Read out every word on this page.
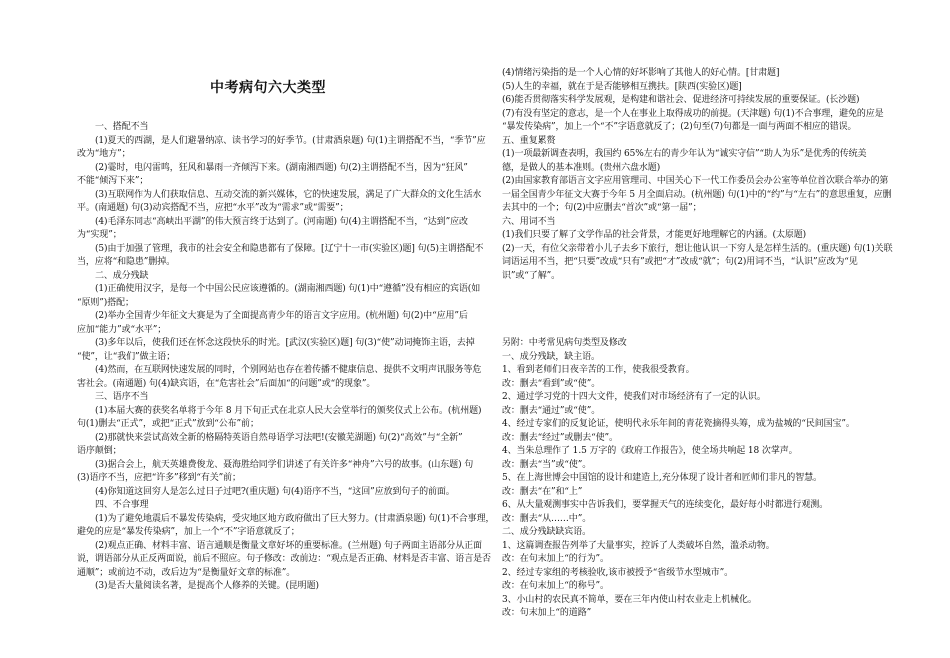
中考病句六大类型

一、搭配不当

(1)夏天的西湖，是人们避暑纳凉、读书学习的好季节。(甘肃酒泉题) 句(1)主谓搭配不当，“季节”应

改为“地方”；

(2)霎时，电闪雷鸣，狂风和暴雨一齐倾泻下来。(湖南湘西题) 句(2)主谓搭配不当，因为“狂风”

不能“倾泻下来”；

(3)互联网作为人们获取信息、互动交流的新兴媒体，它的快速发展，满足了广大群众的文化生活水

平。(南通题) 句(3)动宾搭配不当，应把“水平”改为“需求”或“需要”；

(4)毛泽东同志“高峡出平湖”的伟大预言终于达到了。(河南题) 句(4)主谓搭配不当，“达到”应改

为“实现”；

(5)由于加强了管理，我市的社会安全和隐患都有了保障。[辽宁十一市(实验区)题] 句(5)主谓搭配不

当，应将“和隐患”删掉。

二、成分残缺

(1)正确使用汉字，是每一个中国公民应该遵循的。(湖南湘西题) 句(1)中“遵循”没有相应的宾语(如

“原则”)搭配；

(2)举办全国青少年征文大赛是为了全面提高青少年的语言文字应用。(杭州题) 句(2)中“应用”后

应加“能力”或“水平”；

(3)多年以后，使我们还在怀念这段快乐的时光。[武汉(实验区)题] 句(3)“使”动词掩饰主语，去掉

“使”，让“我们”做主语；

(4)然而，在互联网快速发展的同时，个别网站也存在着传播不健康信息、提供不文明声讯服务等危

害社会。(南通题) 句(4)缺宾语，在“危害社会”后面加“的问题”或“的现象”。

三、语序不当

(1)本届大赛的获奖名单将于今年 8 月下旬正式在北京人民大会堂举行的颁奖仪式上公布。(杭州题)

句(1)删去“正式”，或把“正式”放到“公布”前；

(2)那就快来尝试高效全新的格隔特英语自然母语学习法吧!(安徽芜湖题) 句(2)“高效”与“全新”

语序颠倒；

(3)据合会上，航天英雄费俊龙、聂海胜给同学们讲述了有关许多“神舟”六号的故事。(山东题) 句

(3)语序不当，应把“许多”移到“有关”前；

(4)你知道这回穷人是怎么过日子过吧?(重庆题) 句(4)语序不当，“这回”应放到句子的前面。

四、不合事理

(1)为了避免地震后不暴发传染病，受灾地区地方政府做出了巨大努力。(甘肃酒泉题) 句(1)不合事理，

避免的应是“暴发传染病”，加上一个“不”字语意就反了；

(2)观点正确、材料丰富、语言通顺是衡量文章好坏的重要标准。(兰州题) 句子两面主语部分从正面

说，谓语部分从正反两面说，前后不照应。句子修改：改前边：“观点是否正确、材料是否丰富、语言是否

通顺”；或前边不动，改后边为“是衡量好文章的标准”。

(3)是否大量阅读名著，是提高个人修养的关键。(昆明题)

(4)情绪污染指的是一个人心情的好坏影响了其他人的好心情。[甘肃题]

(5)人生的幸福，就在于是否能够相互携扶。[陕西(实验区)题]

(6)能否贯彻落实科学发展观，是构建和谐社会、促进经济可持续发展的重要保证。(长沙题)

(7)有没有坚定的意志，是一个人在事业上取得成功的前提。(天津题) 句(1)不合事理，避免的应是

“暴发传染病”，加上一个“不”字语意就反了；(2)句至(7)句都是一面与两面不相应的错误。

五、重复累赘

(1)一项最新调查表明，我国约 65%左右的青少年认为“诚实守信”“助人为乐”是优秀的传统美

德，是做人的基本准则。(贵州六盘水题)

(2)由国家教育部语言文字应用管理司、中国关心下一代工作委员会办公室等单位首次联合举办的第

一届全国青少年征文大赛于今年 5 月全面启动。(杭州题) 句(1)中的“约”与“左右”的意思重复，应删

去其中的一个；句(2)中应删去“首次”或“第一届”；

六、用词不当

(1)我们只要了解了文学作品的社会背景，才能更好地理解它的内涵。(太原题)

(2)一天，有位父亲带着小儿子去乡下旅行，想让他认识一下穷人是怎样生活的。(重庆题) 句(1)关联

词语运用不当，把“只要”改成“只有”或把“才”改成“就”；句(2)用词不当，“认识”应改为“见

识”或“了解”。

另附：中考常见病句类型及修改

一、成分残缺，缺主语。

1、看到老师们日夜辛苦的工作，使我很受教育。

改：删去“看到”或“使”。

2、通过学习党的十四大文件，使我们对市场经济有了一定的认识。

改：删去“通过”或“使”。

4、经过专家们的反复论证，使明代永乐年间的青花瓷摘得头筹，成为盐城的“民间国宝”。

改：删去“经过”或删去“使”。

4、当朱总理作了 1.5 万字的《政府工作报告》，使全场共响起 18 次掌声。

改：删去“当”或“使”。

5、在上海世博会中国馆的设计和建造上,充分体现了设计者和匠师们非凡的智慧。

改：删去“在”和“上”

6、从大量观测事实中告诉我们，要掌握天气的连续变化，最好每小时都进行观测。

改：删去“从……中”。

二、成分残缺缺宾语。

1、这篇调查报告列举了大量事实，控诉了人类破坏自然，滥杀动物。

改：在句末加上“的行为”。

2、经过专家组的考核验收,该市被授予“省级节水型城市”。

改：在句末加上“的称号”。

3、小山村的农民真不简单，要在三年内使山村农业走上机械化。

改：句末加上“的道路”
